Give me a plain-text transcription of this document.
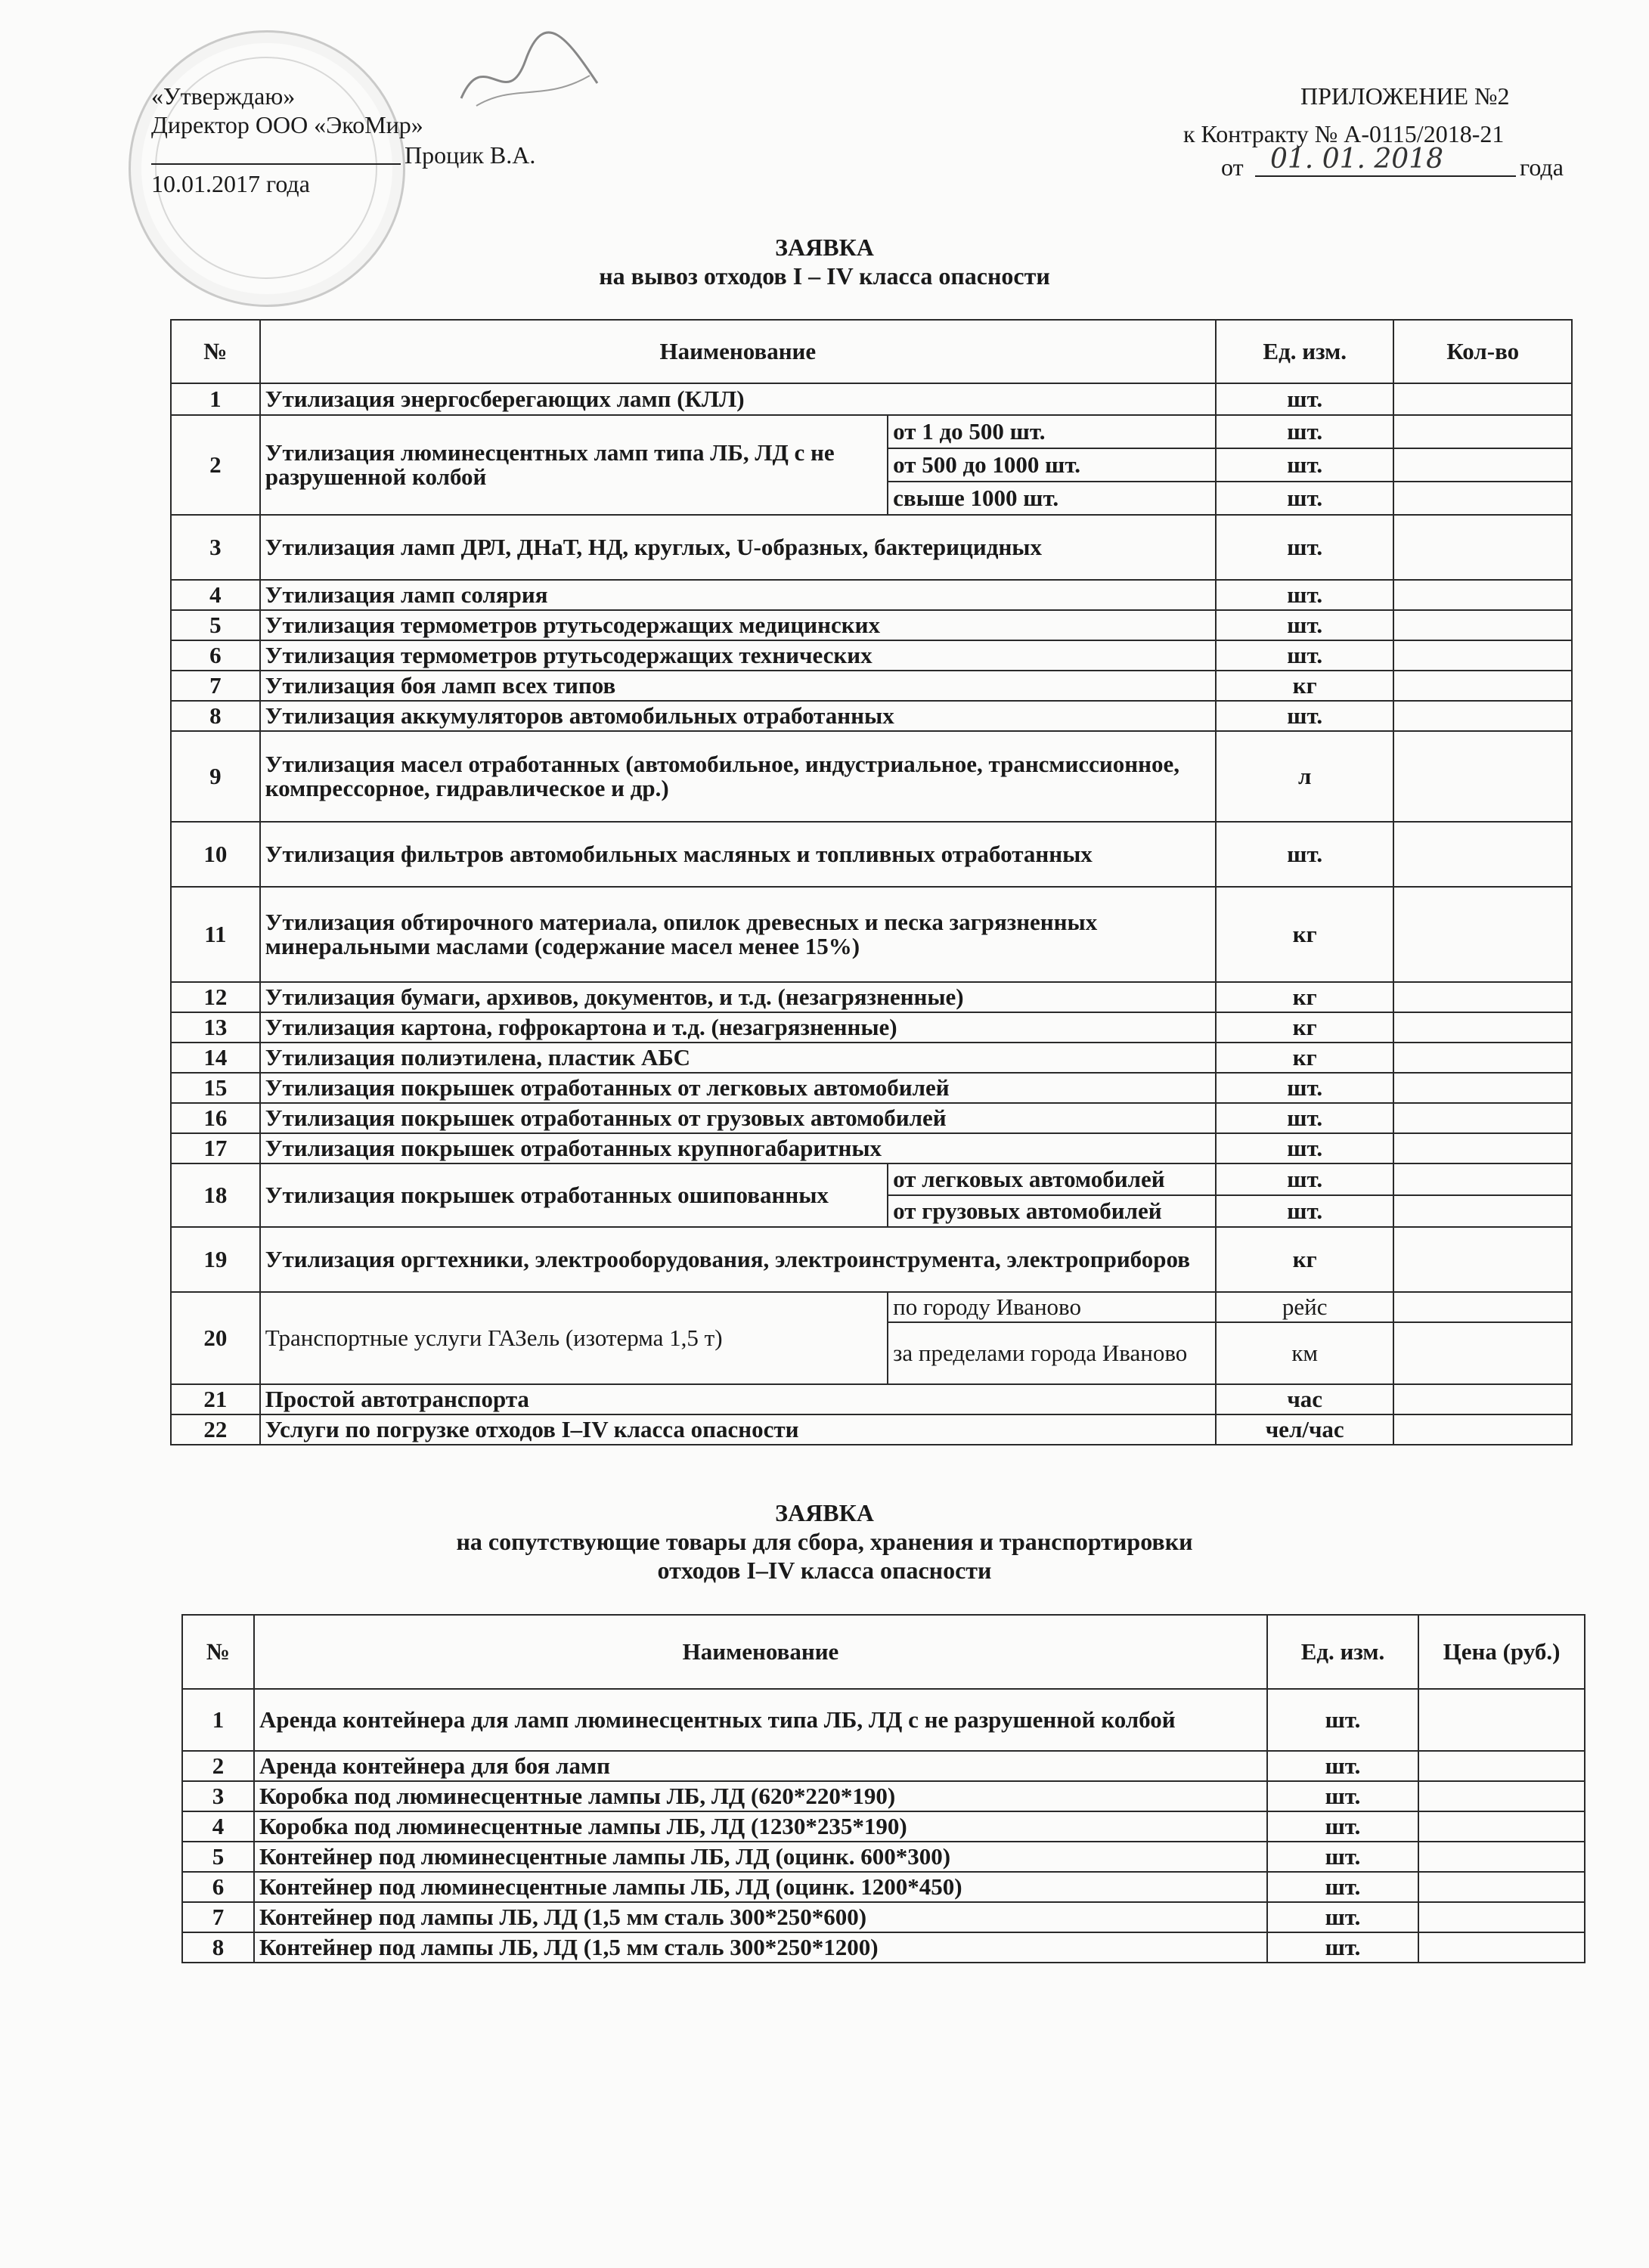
«Утверждаю»
Директор ООО «ЭкоМир»
Процик В.А.
10.01.2017 года
ПРИЛОЖЕНИЕ №2
к Контракту № А-0115/2018-21
от 01. 01. 2018	года
ЗАЯВКА
на вывоз отходов I – IV класса опасности
№	Наименование		Ед. изм.	Кол-во
1	Утилизация энергосберегающих ламп (КЛЛ)		шт.	
2	Утилизация люминесцентных ламп типа ЛБ, ЛД с не разрушенной колбой	от 1 до 500 шт.	шт.	
		от 500 до 1000 шт.	шт.	
		свыше 1000 шт.	шт.	
3	Утилизация ламп ДРЛ, ДНаТ, НД, круглых, U-образных, бактерицидных		шт.	
4	Утилизация ламп солярия		шт.	
5	Утилизация термометров ртутьсодержащих медицинских		шт.	
6	Утилизация термометров ртутьсодержащих технических		шт.	
7	Утилизация боя ламп всех типов		кг	
8	Утилизация аккумуляторов автомобильных отработанных		шт.	
9	Утилизация масел отработанных (автомобильное, индустриальное, трансмиссионное, компрессорное, гидравлическое и др.)		л	
10	Утилизация фильтров автомобильных масляных и топливных отработанных		шт.	
11	Утилизация обтирочного материала, опилок древесных и песка загрязненных минеральными маслами (содержание масел менее 15%)		кг	
12	Утилизация бумаги, архивов, документов, и т.д. (незагрязненные)		кг	
13	Утилизация картона, гофрокартона и т.д. (незагрязненные)		кг	
14	Утилизация полиэтилена, пластик АБС		кг	
15	Утилизация покрышек отработанных от легковых автомобилей		шт.	
16	Утилизация покрышек отработанных от грузовых автомобилей		шт.	
17	Утилизация покрышек отработанных крупногабаритных		шт.	
18	Утилизация покрышек отработанных ошипованных	от легковых автомобилей	шт.	
		от грузовых автомобилей	шт.	
19	Утилизация оргтехники, электрооборудования, электроинструмента, электроприборов		кг	
20	Транспортные услуги ГАЗель (изотерма 1,5 т)	по городу Иваново	рейс	
		за пределами города Иваново	км	
21	Простой автотранспорта		час	
22	Услуги по погрузке отходов I–IV класса опасности		чел/час	
ЗАЯВКА
на сопутствующие товары для сбора, хранения и транспортировки
отходов I–IV класса опасности
№	Наименование	Ед. изм.	Цена (руб.)
1	Аренда контейнера для ламп люминесцентных типа ЛБ, ЛД с не разрушенной колбой	шт.	
2	Аренда контейнера для боя ламп	шт.	
3	Коробка под люминесцентные лампы ЛБ, ЛД (620*220*190)	шт.	
4	Коробка под люминесцентные лампы ЛБ, ЛД (1230*235*190)	шт.	
5	Контейнер под люминесцентные лампы ЛБ, ЛД (оцинк. 600*300)	шт.	
6	Контейнер под люминесцентные лампы ЛБ, ЛД (оцинк. 1200*450)	шт.	
7	Контейнер под лампы ЛБ, ЛД (1,5 мм сталь 300*250*600)	шт.	
8	Контейнер под лампы ЛБ, ЛД (1,5 мм сталь 300*250*1200)	шт.	
